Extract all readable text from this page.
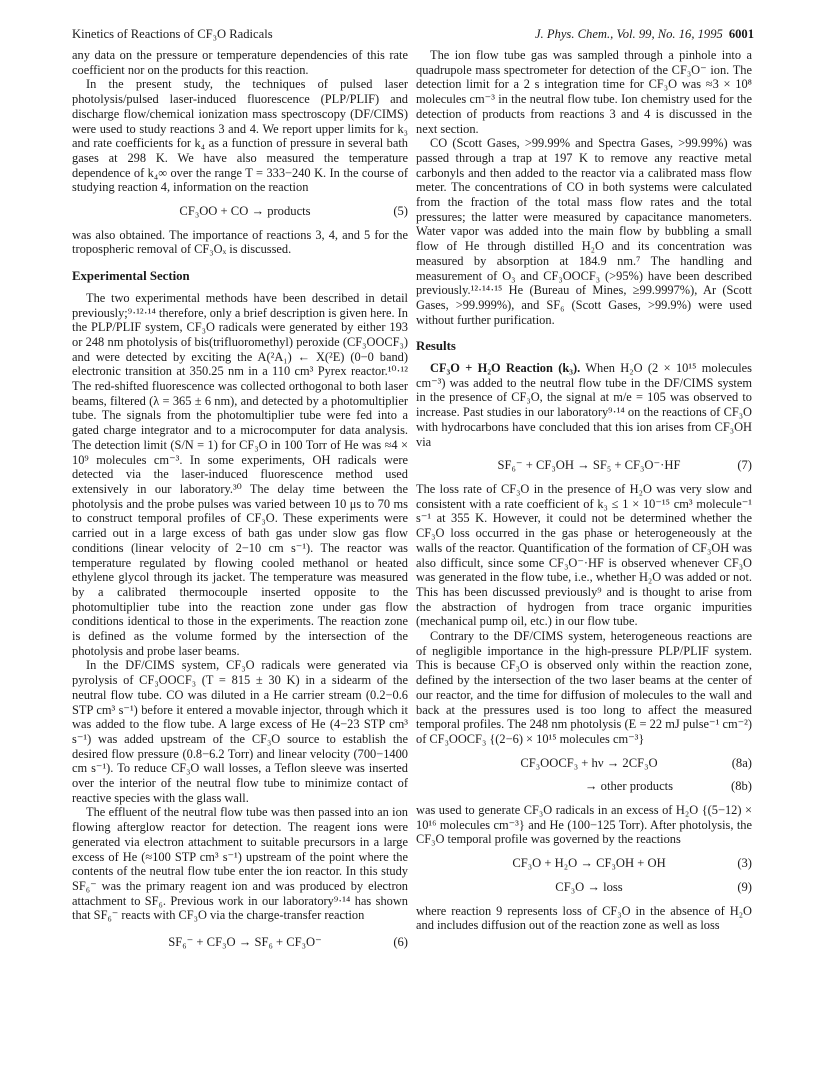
Kinetics of Reactions of CF₃O Radicals	J. Phys. Chem., Vol. 99, No. 16, 1995 6001

any data on the pressure or temperature dependencies of this rate coefficient nor on the products for this reaction.

In the present study, the techniques of pulsed laser photolysis/pulsed laser-induced fluorescence (PLP/PLIF) and discharge flow/chemical ionization mass spectroscopy (DF/CIMS) were used to study reactions 3 and 4. We report upper limits for k₃ and rate coefficients for k₄ as a function of pressure in several bath gases at 298 K. We have also measured the temperature dependence of k₄∞ over the range T = 333−240 K. In the course of studying reaction 4, information on the reaction

CF₃OO + CO → products	(5)

was also obtained. The importance of reactions 3, 4, and 5 for the tropospheric removal of CF₃Oₓ is discussed.

Experimental Section

The two experimental methods have been described in detail previously;⁹·¹²·¹⁴ therefore, only a brief description is given here. In the PLP/PLIF system, CF₃O radicals were generated by either 193 or 248 nm photolysis of bis(trifluoromethyl) peroxide (CF₃OOCF₃) and were detected by exciting the A(²A₁) ← X(²E) (0−0 band) electronic transition at 350.25 nm in a 110 cm³ Pyrex reactor.¹⁰·¹² The red-shifted fluorescence was collected orthogonal to both laser beams, filtered (λ = 365 ± 6 nm), and detected by a photomultiplier tube. The signals from the photomultiplier tube were fed into a gated charge integrator and to a microcomputer for data analysis. The detection limit (S/N = 1) for CF₃O in 100 Torr of He was ≈4 × 10⁹ molecules cm⁻³. In some experiments, OH radicals were detected via the laser-induced fluorescence method used extensively in our laboratory.³⁰ The delay time between the photolysis and the probe pulses was varied between 10 μs to 70 ms to construct temporal profiles of CF₃O. These experiments were carried out in a large excess of bath gas under slow gas flow conditions (linear velocity of 2−10 cm s⁻¹). The reactor was temperature regulated by flowing cooled methanol or heated ethylene glycol through its jacket. The temperature was measured by a calibrated thermocouple inserted opposite to the photomultiplier tube into the reaction zone under gas flow conditions identical to those in the experiments. The reaction zone is defined as the volume formed by the intersection of the photolysis and probe laser beams.

In the DF/CIMS system, CF₃O radicals were generated via pyrolysis of CF₃OOCF₃ (T = 815 ± 30 K) in a sidearm of the neutral flow tube. CO was diluted in a He carrier stream (0.2−0.6 STP cm³ s⁻¹) before it entered a movable injector, through which it was added to the flow tube. A large excess of He (4−23 STP cm³ s⁻¹) was added upstream of the CF₃O source to establish the desired flow pressure (0.8−6.2 Torr) and linear velocity (700−1400 cm s⁻¹). To reduce CF₃O wall losses, a Teflon sleeve was inserted over the interior of the neutral flow tube to minimize contact of reactive species with the glass wall.

The effluent of the neutral flow tube was then passed into an ion flowing afterglow reactor for detection. The reagent ions were generated via electron attachment to suitable precursors in a large excess of He (≈100 STP cm³ s⁻¹) upstream of the point where the contents of the neutral flow tube enter the ion reactor. In this study SF₆⁻ was the primary reagent ion and was produced by electron attachment to SF₆. Previous work in our laboratory⁹·¹⁴ has shown that SF₆⁻ reacts with CF₃O via the charge-transfer reaction

SF₆⁻ + CF₃O → SF₆ + CF₃O⁻	(6)

The ion flow tube gas was sampled through a pinhole into a quadrupole mass spectrometer for detection of the CF₃O⁻ ion. The detection limit for a 2 s integration time for CF₃O was ≈3 × 10⁸ molecules cm⁻³ in the neutral flow tube. Ion chemistry used for the detection of products from reactions 3 and 4 is discussed in the next section.

CO (Scott Gases, >99.99% and Spectra Gases, >99.99%) was passed through a trap at 197 K to remove any reactive metal carbonyls and then added to the reactor via a calibrated mass flow meter. The concentrations of CO in both systems were calculated from the fraction of the total mass flow rates and the total pressures; the latter were measured by capacitance manometers. Water vapor was added into the main flow by bubbling a small flow of He through distilled H₂O and its concentration was measured by absorption at 184.9 nm.⁷ The handling and measurement of O₃ and CF₃OOCF₃ (>95%) have been described previously.¹²·¹⁴·¹⁵ He (Bureau of Mines, ≥99.9997%), Ar (Scott Gases, >99.999%), and SF₆ (Scott Gases, >99.9%) were used without further purification.

Results

CF₃O + H₂O Reaction (k₃). When H₂O (2 × 10¹⁵ molecules cm⁻³) was added to the neutral flow tube in the DF/CIMS system in the presence of CF₃O, the signal at m/e = 105 was observed to increase. Past studies in our laboratory⁹·¹⁴ on the reactions of CF₃O with hydrocarbons have concluded that this ion arises from CF₃OH via

SF₆⁻ + CF₃OH → SF₅ + CF₃O⁻·HF	(7)

The loss rate of CF₃O in the presence of H₂O was very slow and consistent with a rate coefficient of k₃ ≤ 1 × 10⁻¹⁵ cm³ molecule⁻¹ s⁻¹ at 355 K. However, it could not be determined whether the CF₃O loss occurred in the gas phase or heterogeneously at the walls of the reactor. Quantification of the formation of CF₃OH was also difficult, since some CF₃O⁻·HF is observed whenever CF₃O was generated in the flow tube, i.e., whether H₂O was added or not. This has been discussed previously⁹ and is thought to arise from the abstraction of hydrogen from trace organic impurities (mechanical pump oil, etc.) in our flow tube.

Contrary to the DF/CIMS system, heterogeneous reactions are of negligible importance in the high-pressure PLP/PLIF system. This is because CF₃O is observed only within the reaction zone, defined by the intersection of the two laser beams at the center of our reactor, and the time for diffusion of molecules to the wall and back at the pressures used is too long to affect the measured temporal profiles. The 248 nm photolysis (E = 22 mJ pulse⁻¹ cm⁻²) of CF₃OOCF₃ {(2−6) × 10¹⁵ molecules cm⁻³}

CF₃OOCF₃ + hν → 2CF₃O	(8a)
→ other products	(8b)

was used to generate CF₃O radicals in an excess of H₂O {(5−12) × 10¹⁶ molecules cm⁻³} and He (100−125 Torr). After photolysis, the CF₃O temporal profile was governed by the reactions

CF₃O + H₂O → CF₃OH + OH	(3)
CF₃O → loss	(9)

where reaction 9 represents loss of CF₃O in the absence of H₂O and includes diffusion out of the reaction zone as well as loss
